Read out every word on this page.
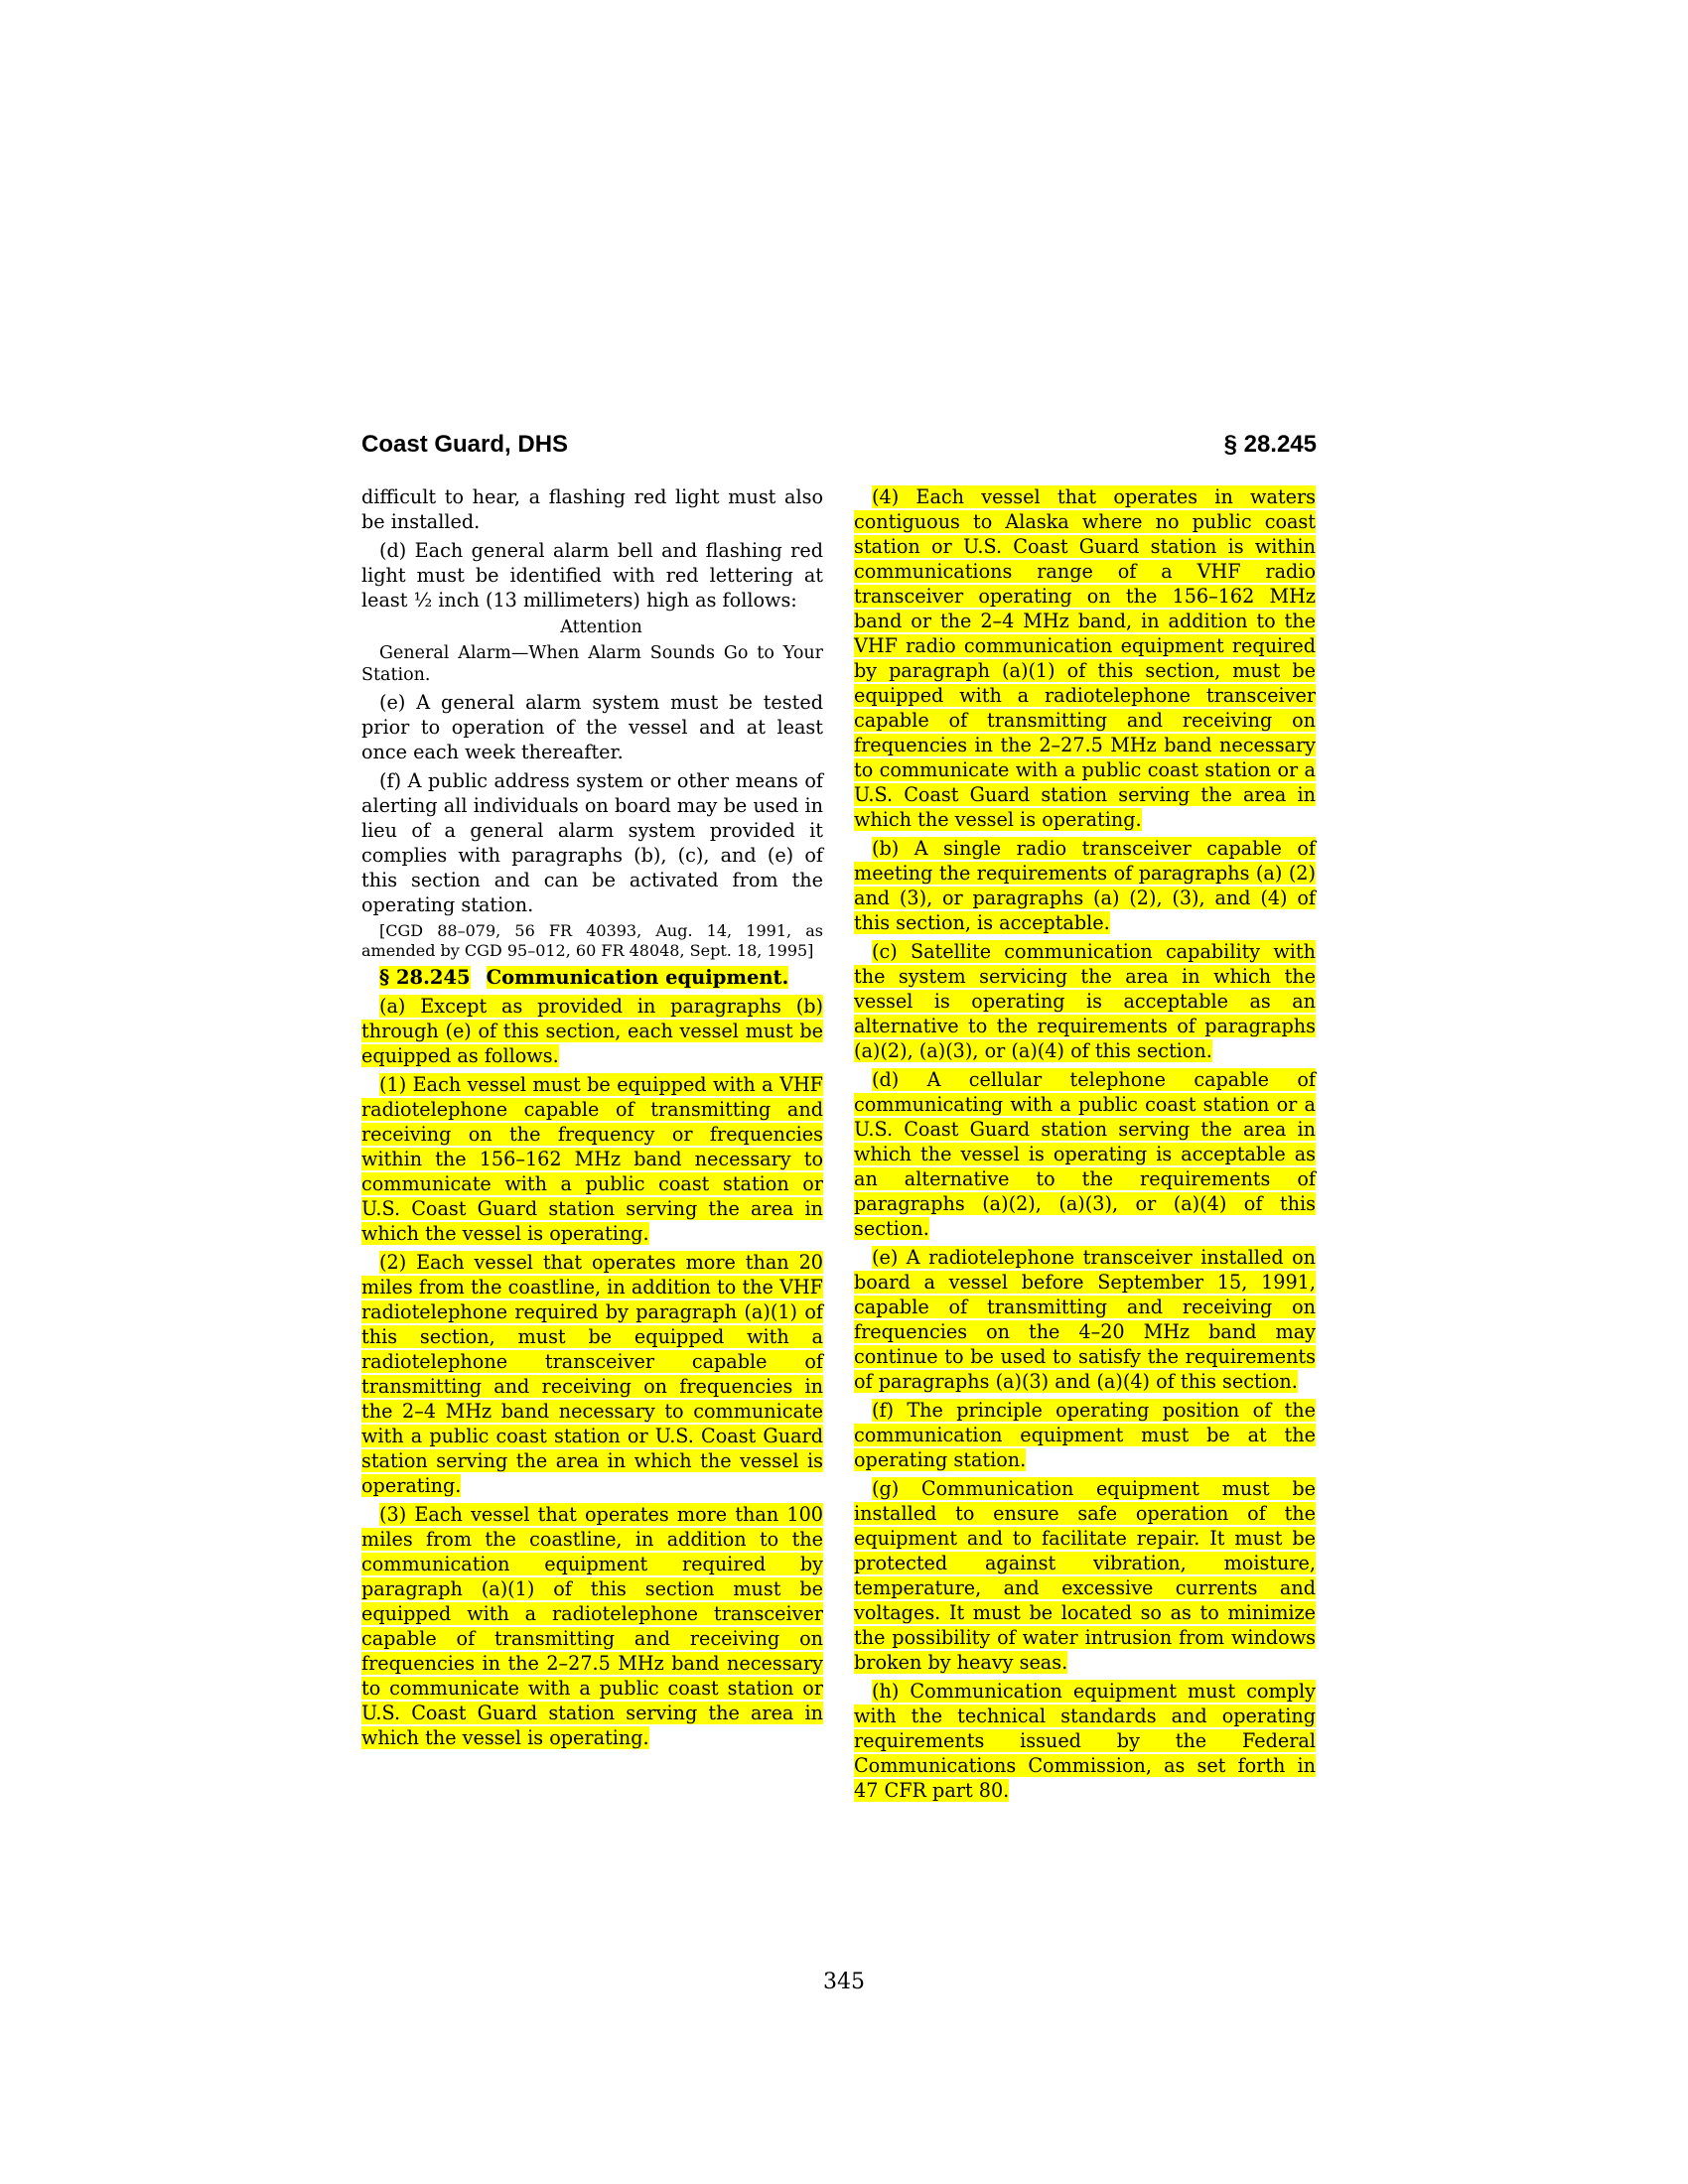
Coast Guard, DHS	§ 28.245

difficult to hear, a flashing red light must also be installed.

(d) Each general alarm bell and flashing red light must be identified with red lettering at least ½ inch (13 millimeters) high as follows:

Attention

General Alarm—When Alarm Sounds Go to Your Station.

(e) A general alarm system must be tested prior to operation of the vessel and at least once each week thereafter.

(f) A public address system or other means of alerting all individuals on board may be used in lieu of a general alarm system provided it complies with paragraphs (b), (c), and (e) of this section and can be activated from the operating station.

[CGD 88–079, 56 FR 40393, Aug. 14, 1991, as amended by CGD 95–012, 60 FR 48048, Sept. 18, 1995]

§ 28.245 Communication equipment.

(a) Except as provided in paragraphs (b) through (e) of this section, each vessel must be equipped as follows.

(1) Each vessel must be equipped with a VHF radiotelephone capable of transmitting and receiving on the frequency or frequencies within the 156–162 MHz band necessary to communicate with a public coast station or U.S. Coast Guard station serving the area in which the vessel is operating.

(2) Each vessel that operates more than 20 miles from the coastline, in addition to the VHF radiotelephone required by paragraph (a)(1) of this section, must be equipped with a radiotelephone transceiver capable of transmitting and receiving on frequencies in the 2–4 MHz band necessary to communicate with a public coast station or U.S. Coast Guard station serving the area in which the vessel is operating.

(3) Each vessel that operates more than 100 miles from the coastline, in addition to the communication equipment required by paragraph (a)(1) of this section must be equipped with a radiotelephone transceiver capable of transmitting and receiving on frequencies in the 2–27.5 MHz band necessary to communicate with a public coast station or U.S. Coast Guard station serving the area in which the vessel is operating.

(4) Each vessel that operates in waters contiguous to Alaska where no public coast station or U.S. Coast Guard station is within communications range of a VHF radio transceiver operating on the 156–162 MHz band or the 2–4 MHz band, in addition to the VHF radio communication equipment required by paragraph (a)(1) of this section, must be equipped with a radiotelephone transceiver capable of transmitting and receiving on frequencies in the 2–27.5 MHz band necessary to communicate with a public coast station or a U.S. Coast Guard station serving the area in which the vessel is operating.

(b) A single radio transceiver capable of meeting the requirements of paragraphs (a) (2) and (3), or paragraphs (a) (2), (3), and (4) of this section, is acceptable.

(c) Satellite communication capability with the system servicing the area in which the vessel is operating is acceptable as an alternative to the requirements of paragraphs (a)(2), (a)(3), or (a)(4) of this section.

(d) A cellular telephone capable of communicating with a public coast station or a U.S. Coast Guard station serving the area in which the vessel is operating is acceptable as an alternative to the requirements of paragraphs (a)(2), (a)(3), or (a)(4) of this section.

(e) A radiotelephone transceiver installed on board a vessel before September 15, 1991, capable of transmitting and receiving on frequencies on the 4–20 MHz band may continue to be used to satisfy the requirements of paragraphs (a)(3) and (a)(4) of this section.

(f) The principle operating position of the communication equipment must be at the operating station.

(g) Communication equipment must be installed to ensure safe operation of the equipment and to facilitate repair. It must be protected against vibration, moisture, temperature, and excessive currents and voltages. It must be located so as to minimize the possibility of water intrusion from windows broken by heavy seas.

(h) Communication equipment must comply with the technical standards and operating requirements issued by the Federal Communications Commission, as set forth in 47 CFR part 80.

345
